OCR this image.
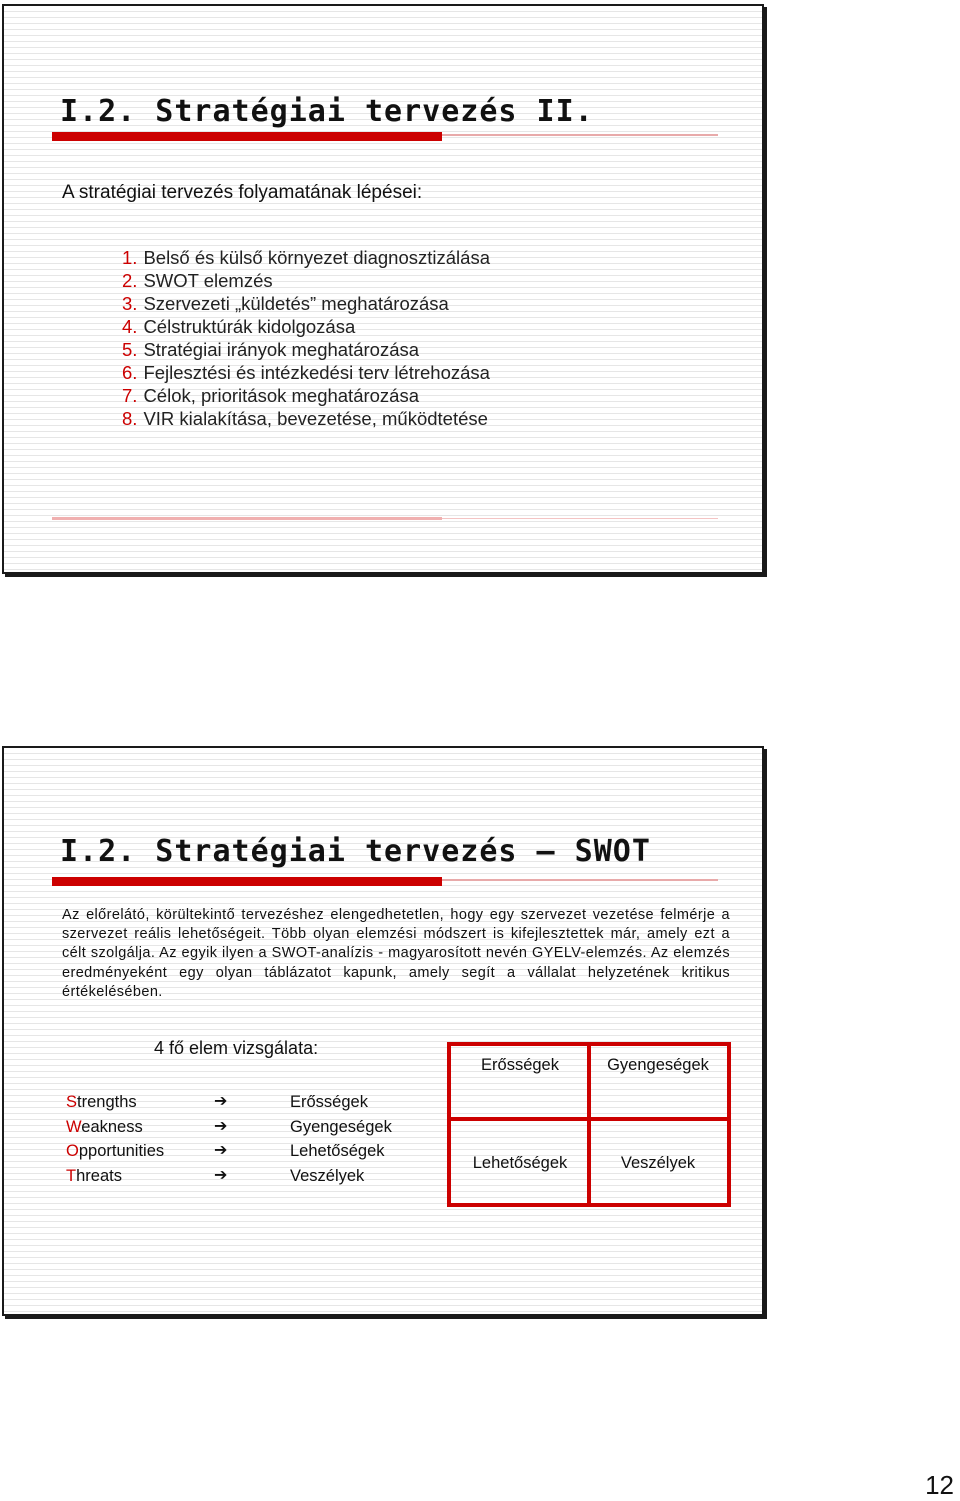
I.2. Stratégiai tervezés II.

A stratégiai tervezés folyamatának lépései:

1. Belső és külső környezet diagnosztizálása
2. SWOT elemzés
3. Szervezeti „küldetés” meghatározása
4. Célstruktúrák kidolgozása
5. Stratégiai irányok meghatározása
6. Fejlesztési és intézkedési terv létrehozása
7. Célok, prioritások meghatározása
8. VIR kialakítása, bevezetése, működtetése
I.2. Stratégiai tervezés – SWOT

Az előrelátó, körültekintő tervezéshez elengedhetetlen, hogy egy szervezet vezetése felmérje a szervezet reális lehetőségeit. Több olyan elemzési módszert is kifejlesztettek már, amely ezt a célt szolgálja. Az egyik ilyen a SWOT-analízis - magyarosított nevén GYELV-elemzés. Az elemzés eredményeként egy olyan táblázatot kapunk, amely segít a vállalat helyzetének kritikus értékelésében.

4 fő elem vizsgálata:

Strengths	➔	Erősségek
Weakness	➔	Gyengeségek
Opportunities	➔	Lehetőségek
Threats	➔	Veszélyek
Erősségek	Gyengeségek
Lehetőségek	Veszélyek

12
